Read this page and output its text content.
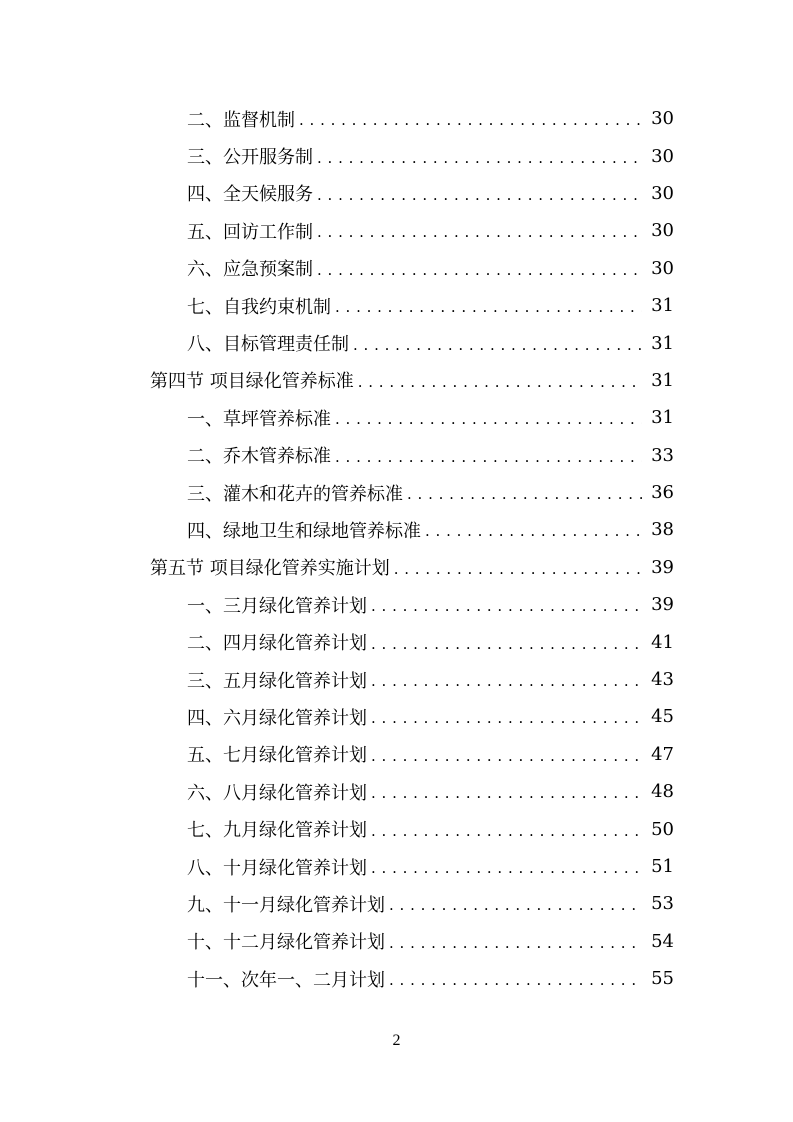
二、监督机制 . . .	30
三、公开服务制 . . .	30
四、全天候服务 . . .	30
五、回访工作制 . . .	30
六、应急预案制 . . .	30
七、自我约束机制 . . .	31
八、目标管理责任制 . . .	31
第四节 项目绿化管养标准 . . .	31
一、草坪管养标准 . . .	31
二、乔木管养标准 . . .	33
三、灌木和花卉的管养标准 . . .	36
四、绿地卫生和绿地管养标准 . . .	38
第五节 项目绿化管养实施计划 . . .	39
一、三月绿化管养计划 . . .	39
二、四月绿化管养计划 . . .	41
三、五月绿化管养计划 . . .	43
四、六月绿化管养计划 . . .	45
五、七月绿化管养计划 . . .	47
六、八月绿化管养计划 . . .	48
七、九月绿化管养计划 . . .	50
八、十月绿化管养计划 . . .	51
九、十一月绿化管养计划 . . .	53
十、十二月绿化管养计划 . . .	54
十一、次年一、二月计划 . . .	55
2
